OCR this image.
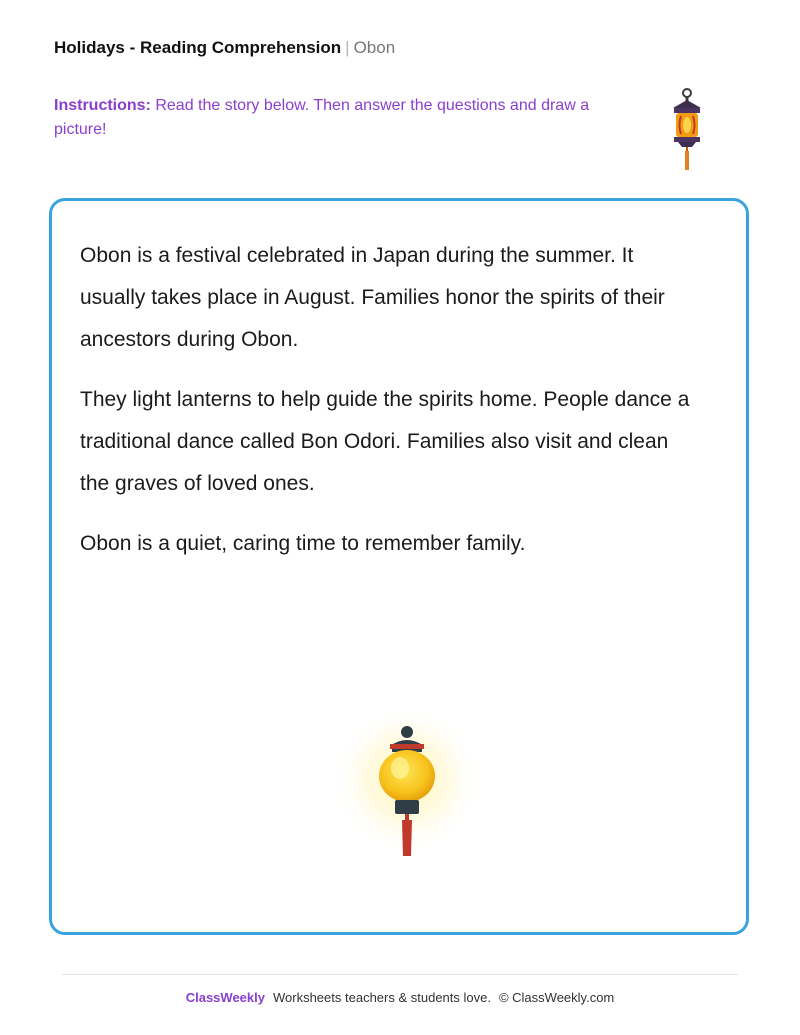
Holidays - Reading Comprehension | Obon
Instructions: Read the story below. Then answer the questions and draw a picture!

Obon is a festival celebrated in Japan during the summer. It usually takes place in August. Families honor the spirits of their ancestors during Obon.

They light lanterns to help guide the spirits home. People dance a traditional dance called Bon Odori. Families also visit and clean the graves of loved ones.

Obon is a quiet, caring time to remember family.

ClassWeekly Worksheets teachers & students love. © ClassWeekly.com
